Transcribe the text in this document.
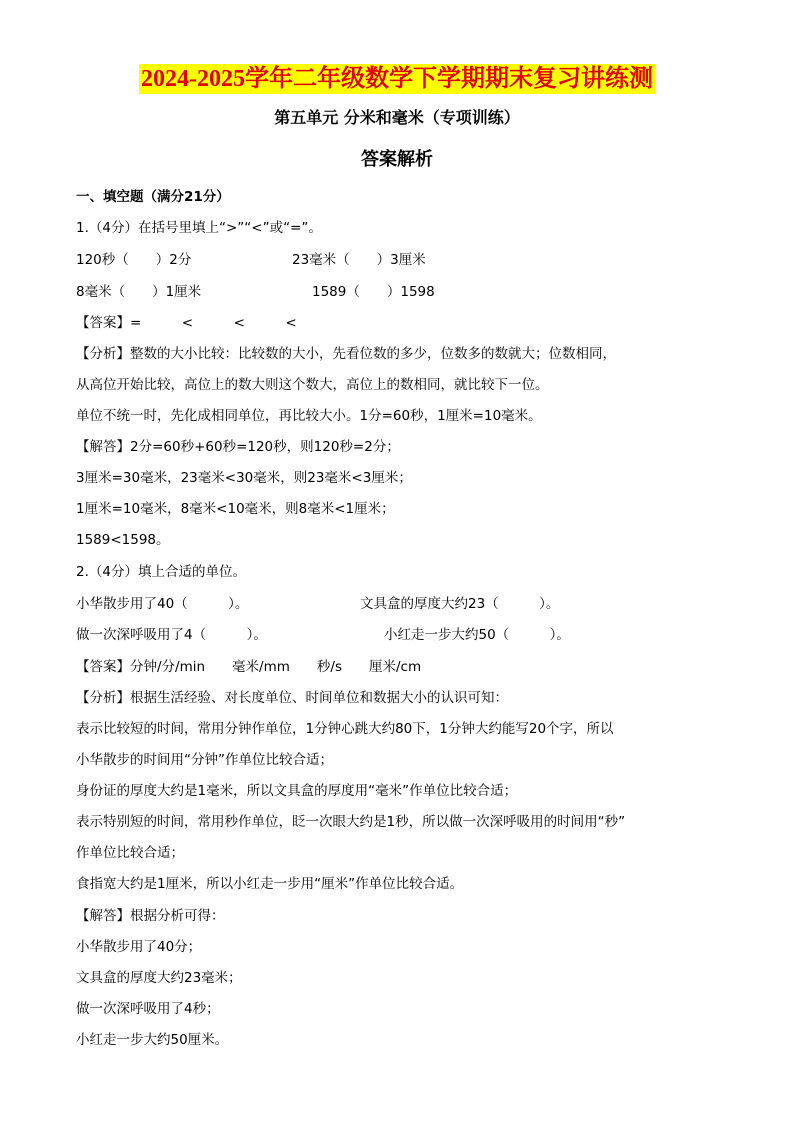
2024-2025学年二年级数学下学期期末复习讲练测
第五单元 分米和毫米（专项训练）
答案解析
一、填空题（满分21分）
1.（4分）在括号里填上“>”“<”或“=”。
120秒（　　）2分	23毫米（　　）3厘米
8毫米（　　）1厘米	1589（　　）1598
【答案】=　　　<　　　<　　　<
【分析】整数的大小比较：比较数的大小，先看位数的多少，位数多的数就大；位数相同，
从高位开始比较，高位上的数大则这个数大，高位上的数相同，就比较下一位。
单位不统一时，先化成相同单位，再比较大小。1分=60秒，1厘米=10毫米。
【解答】2分=60秒+60秒=120秒，则120秒=2分；
3厘米=30毫米，23毫米<30毫米，则23毫米<3厘米；
1厘米=10毫米，8毫米<10毫米，则8毫米<1厘米；
1589<1598。
2.（4分）填上合适的单位。
小华散步用了40（　　　）。	文具盒的厚度大约23（　　　）。
做一次深呼吸用了4（　　　）。	小红走一步大约50（　　　）。
【答案】分钟/分/min　　毫米/mm　　秒/s　　厘米/cm
【分析】根据生活经验、对长度单位、时间单位和数据大小的认识可知：
表示比较短的时间，常用分钟作单位，1分钟心跳大约80下，1分钟大约能写20个字，所以
小华散步的时间用“分钟”作单位比较合适；
身份证的厚度大约是1毫米，所以文具盒的厚度用“毫米”作单位比较合适；
表示特别短的时间，常用秒作单位，眨一次眼大约是1秒，所以做一次深呼吸用的时间用“秒”
作单位比较合适；
食指宽大约是1厘米，所以小红走一步用“厘米”作单位比较合适。
【解答】根据分析可得：
小华散步用了40分；
文具盒的厚度大约23毫米；
做一次深呼吸用了4秒；
小红走一步大约50厘米。
